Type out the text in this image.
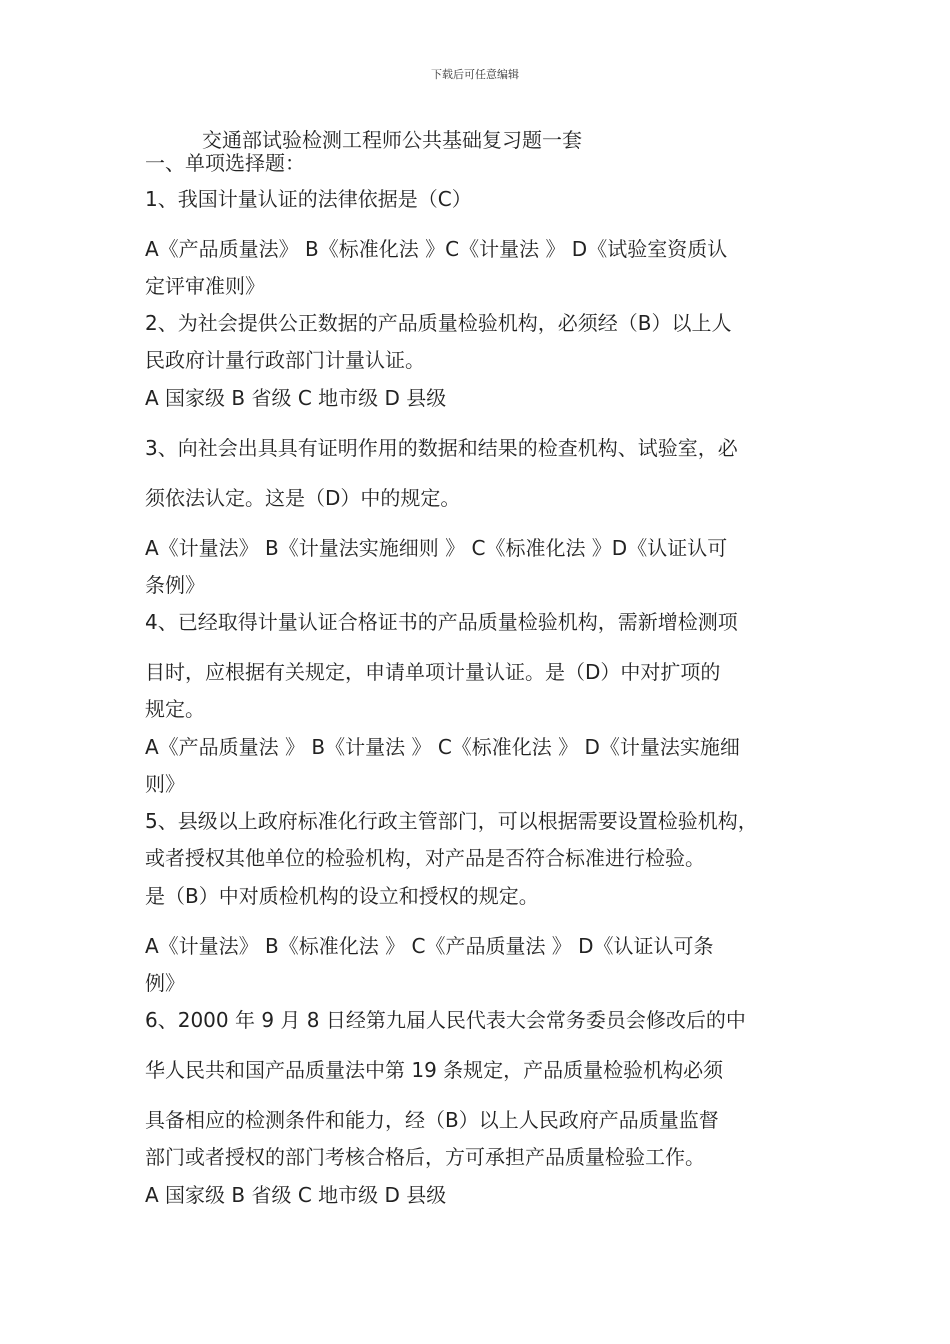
下载后可任意编辑
交通部试验检测工程师公共基础复习题一套
一、单项选择题：
1、我国计量认证的法律依据是（C）
A《产品质量法》 B《标准化法 》C《计量法 》 D《试验室资质认
定评审准则》
2、为社会提供公正数据的产品质量检验机构，必须经（B）以上人
民政府计量行政部门计量认证。
A 国家级 B 省级 C 地市级 D 县级
3、向社会出具具有证明作用的数据和结果的检查机构、试验室，必
须依法认定。这是（D）中的规定。
A《计量法》 B《计量法实施细则 》 C《标准化法 》D《认证认可
条例》
4、已经取得计量认证合格证书的产品质量检验机构，需新增检测项
目时，应根据有关规定，申请单项计量认证。是（D）中对扩项的
规定。
A《产品质量法 》 B《计量法 》 C《标准化法 》 D《计量法实施细
则》
5、县级以上政府标准化行政主管部门，可以根据需要设置检验机构，
或者授权其他单位的检验机构，对产品是否符合标准进行检验。
是（B）中对质检机构的设立和授权的规定。
A《计量法》 B《标准化法 》 C《产品质量法 》 D《认证认可条
例》
6、2000 年 9 月 8 日经第九届人民代表大会常务委员会修改后的中
华人民共和国产品质量法中第 19 条规定，产品质量检验机构必须
具备相应的检测条件和能力，经（B）以上人民政府产品质量监督
部门或者授权的部门考核合格后，方可承担产品质量检验工作。
A 国家级 B 省级 C 地市级 D 县级
